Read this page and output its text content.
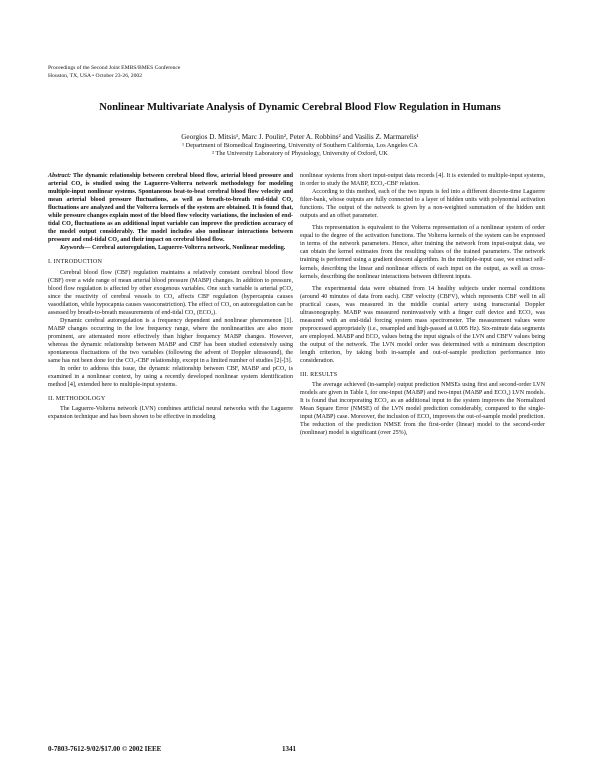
Proceedings of the Second Joint EMBS/BMES Conference
Houston, TX, USA • October 23-26, 2002
Nonlinear Multivariate Analysis of Dynamic Cerebral Blood Flow Regulation in Humans
Georgios D. Mitsis¹, Marc J. Poulin², Peter A. Robbins² and Vasilis Z. Marmarelis¹
¹ Department of Biomedical Engineering, University of Southern California, Los Angeles CA
² The University Laboratory of Physiology, University of Oxford, UK

Abstract: The dynamic relationship between cerebral blood flow, arterial blood pressure and arterial CO₂ is studied using the Laguerre-Volterra network methodology for modeling multiple-input nonlinear systems. Spontaneous beat-to-beat cerebral blood flow velocity and mean arterial blood pressure fluctuations, as well as breath-to-breath end-tidal CO₂ fluctuations are analyzed and the Volterra kernels of the system are obtained. It is found that, while pressure changes explain most of the blood flow velocity variations, the inclusion of end-tidal CO₂ fluctuations as an additional input variable can improve the prediction accuracy of the model output considerably. The model includes also nonlinear interactions between pressure and end-tidal CO₂ and their impact on cerebral blood flow.

Keywords— Cerebral autoregulation, Laguerre-Volterra network, Nonlinear modeling.

I. INTRODUCTION

Cerebral blood flow (CBF) regulation maintains a relatively constant cerebral blood flow (CBF) over a wide range of mean arterial blood pressure (MABP) changes. In addition to pressure, blood flow regulation is affected by other exogenous variables. One such variable is arterial pCO₂ since the reactivity of cerebral vessels to CO₂ affects CBF regulation (hypercapnia causes vasodilation, while hypocapnia causes vasoconstriction). The effect of CO₂ on autoregulation can be assessed by breath-to-breath measurements of end-tidal CO₂ (ECO₂).

Dynamic cerebral autoregulation is a frequency dependent and nonlinear phenomenon [1]. MABP changes occurring in the low frequency range, where the nonlinearities are also more prominent, are attenuated more effectively than higher frequency MABP changes. However, whereas the dynamic relationship between MABP and CBF has been studied extensively using spontaneous fluctuations of the two variables (following the advent of Doppler ultrasound), the same has not been done for the CO₂-CBF relationship, except in a limited number of studies [2]-[3].

In order to address this issue, the dynamic relationship between CBF, MABP and pCO₂ is examined in a nonlinear context, by using a recently developed nonlinear system identification method [4], extended here to multiple-input systems.

II. METHODOLOGY

The Laguerre-Volterra network (LVN) combines artificial neural networks with the Laguerre expansion technique and has been shown to be effective in modeling

nonlinear systems from short input-output data records [4]. It is extended to multiple-input systems, in order to study the MABP, ECO₂-CBF relation.

According to this method, each of the two inputs is fed into a different discrete-time Laguerre filter-bank, whose outputs are fully connected to a layer of hidden units with polynomial activation functions. The output of the network is given by a non-weighted summation of the hidden unit outputs and an offset parameter.

This representation is equivalent to the Volterra representation of a nonlinear system of order equal to the degree of the activation functions. The Volterra kernels of the system can be expressed in terms of the network parameters. Hence, after training the network from input-output data, we can obtain the kernel estimates from the resulting values of the trained parameters. The network training is performed using a gradient descent algorithm. In the multiple-input case, we extract self-kernels, describing the linear and nonlinear effects of each input on the output, as well as cross-kernels, describing the nonlinear interactions between different inputs.

The experimental data were obtained from 14 healthy subjects under normal conditions (around 40 minutes of data from each). CBF velocity (CBFV), which represents CBF well in all practical cases, was measured in the middle cranial artery using transcranial Doppler ultrasonography. MABP was measured noninvasively with a finger cuff device and ECO₂ was measured with an end-tidal forcing system mass spectrometer. The measurement values were preprocessed appropriately (i.e., resampled and high-passed at 0.005 Hz). Six-minute data segments are employed. MABP and ECO₂ values being the input signals of the LVN and CBFV values being the output of the network. The LVN model order was determined with a minimum description length criterion, by taking both in-sample and out-of-sample prediction performance into consideration.

III. RESULTS

The average achieved (in-sample) output prediction NMSEs using first and second-order LVN models are given in Table I, for one-input (MABP) and two-input (MABP and ECO₂) LVN models. It is found that incorporating ECO₂ as an additional input to the system improves the Normalized Mean Square Error (NMSE) of the LVN model prediction considerably, compared to the single-input (MABP) case. Moreover, the inclusion of ECO₂ improves the out-of-sample model prediction. The reduction of the prediction NMSE from the first-order (linear) model to the second-order (nonlinear) model is significant (over 25%),

0-7803-7612-9/02/$17.00 © 2002 IEEE	1341
